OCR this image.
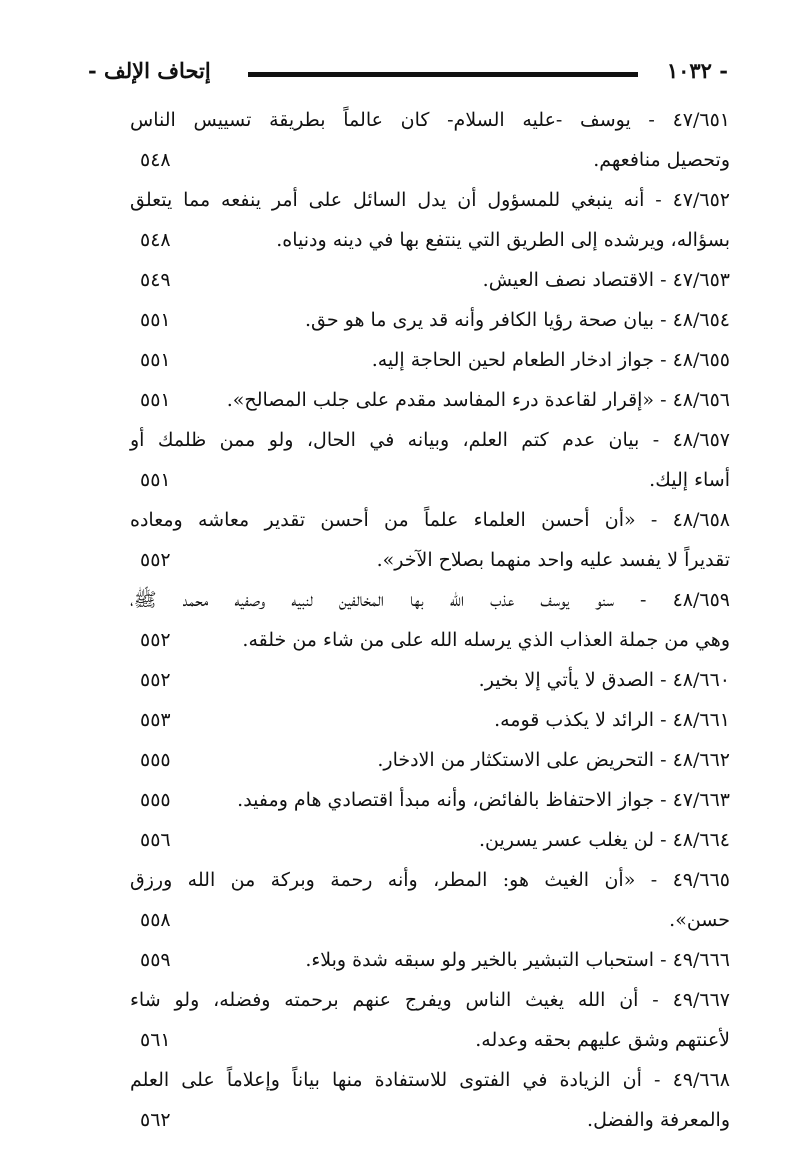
- ١٠٣٢
إتحاف الإلف -
٤٧/٦٥١ - يوسف -عليه السلام- كان عالماً بطريقة تسييس الناس
وتحصيل منافعهم.
٥٤٨
٤٧/٦٥٢ - أنه ينبغي للمسؤول أن يدل السائل على أمر ينفعه مما يتعلق
بسؤاله، ويرشده إلى الطريق التي ينتفع بها في دينه ودنياه.
٥٤٨
٤٧/٦٥٣ - الاقتصاد نصف العيش.
٥٤٩
٤٨/٦٥٤ - بيان صحة رؤيا الكافر وأنه قد يرى ما هو حق.
٥٥١
٤٨/٦٥٥ - جواز ادخار الطعام لحين الحاجة إليه.
٥٥١
٤٨/٦٥٦ - «إقرار لقاعدة درء المفاسد مقدم على جلب المصالح».
٥٥١
٤٨/٦٥٧ - بيان عدم كتم العلم، وبيانه في الحال، ولو ممن ظلمك أو
أساء إليك.
٥٥١
٤٨/٦٥٨ - «أن أحسن العلماء علماً من أحسن تقدير معاشه ومعاده
تقديراً لا يفسد عليه واحد منهما بصلاح الآخر».
٥٥٢
٤٨/٦٥٩ - سنو يوسف عذب الله بها المخالفين لنبيه وصفيه محمد ﷺ،
وهي من جملة العذاب الذي يرسله الله على من شاء من خلقه.
٥٥٢
٤٨/٦٦٠ - الصدق لا يأتي إلا بخير.
٥٥٢
٤٨/٦٦١ - الرائد لا يكذب قومه.
٥٥٣
٤٨/٦٦٢ - التحريض على الاستكثار من الادخار.
٥٥٥
٤٧/٦٦٣ - جواز الاحتفاظ بالفائض، وأنه مبدأ اقتصادي هام ومفيد.
٥٥٥
٤٨/٦٦٤ - لن يغلب عسر يسرين.
٥٥٦
٤٩/٦٦٥ - «أن الغيث هو: المطر، وأنه رحمة وبركة من الله ورزق
حسن».
٥٥٨
٤٩/٦٦٦ - استحباب التبشير بالخير ولو سبقه شدة وبلاء.
٥٥٩
٤٩/٦٦٧ - أن الله يغيث الناس ويفرج عنهم برحمته وفضله، ولو شاء
لأعنتهم وشق عليهم بحقه وعدله.
٥٦١
٤٩/٦٦٨ - أن الزيادة في الفتوى للاستفادة منها بياناً وإعلاماً على العلم
والمعرفة والفضل.
٥٦٢
